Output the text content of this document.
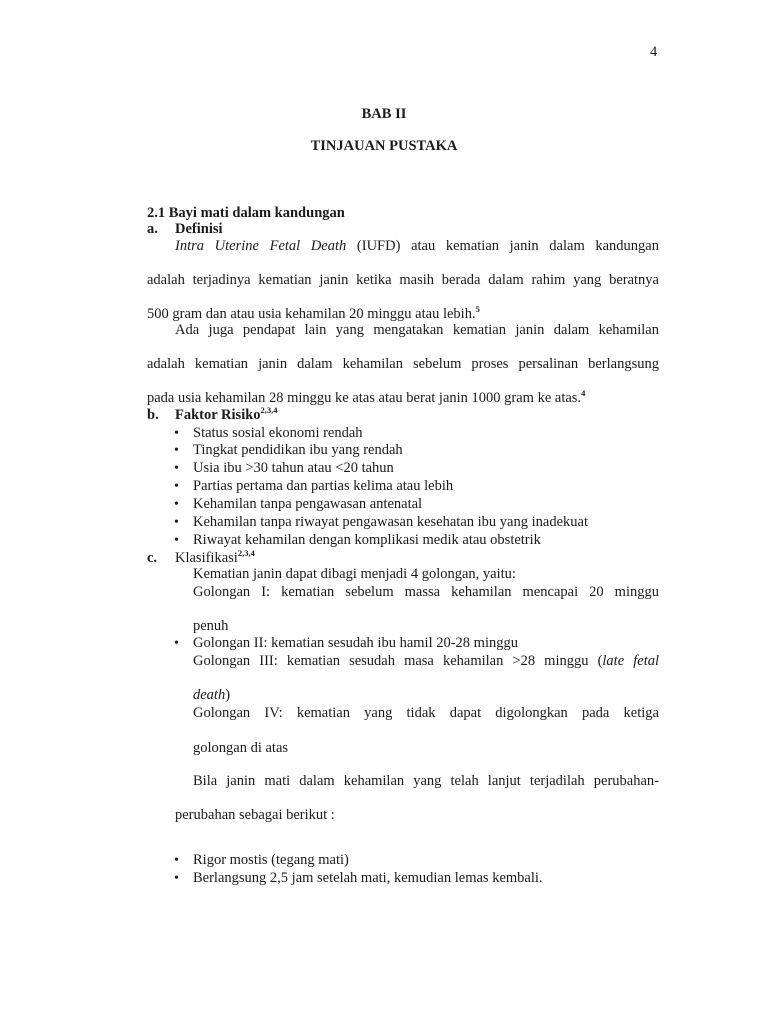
4
BAB II
TINJAUAN PUSTAKA
2.1 Bayi mati dalam kandungan
a. Definisi
Intra Uterine Fetal Death (IUFD) atau kematian janin dalam kandungan
adalah terjadinya kematian janin ketika masih berada dalam rahim yang beratnya
500 gram dan atau usia kehamilan 20 minggu atau lebih.$^5$
Ada juga pendapat lain yang mengatakan kematian janin dalam kehamilan
adalah kematian janin dalam kehamilan sebelum proses persalinan berlangsung
pada usia kehamilan 28 minggu ke atas atau berat janin 1000 gram ke atas.$^4$
b. Faktor Risiko$^{2,3,4}$
• Status sosial ekonomi rendah
• Tingkat pendidikan ibu yang rendah
• Usia ibu >30 tahun atau <20 tahun
• Partias pertama dan partias kelima atau lebih
• Kehamilan tanpa pengawasan antenatal
• Kehamilan tanpa riwayat pengawasan kesehatan ibu yang inadekuat
• Riwayat kehamilan dengan komplikasi medik atau obstetrik
c. Klasifikasi$^{2,3,4}$
Kematian janin dapat dibagi menjadi 4 golongan, yaitu:
• Golongan I: kematian sebelum massa kehamilan mencapai 20 minggu
penuh
• Golongan II: kematian sesudah ibu hamil 20-28 minggu
• Golongan III: kematian sesudah masa kehamilan >28 minggu (late fetal
death)
• Golongan IV: kematian yang tidak dapat digolongkan pada ketiga
golongan di atas
Bila janin mati dalam kehamilan yang telah lanjut terjadilah perubahan-
perubahan sebagai berikut :
• Rigor mostis (tegang mati)
• Berlangsung 2,5 jam setelah mati, kemudian lemas kembali.
